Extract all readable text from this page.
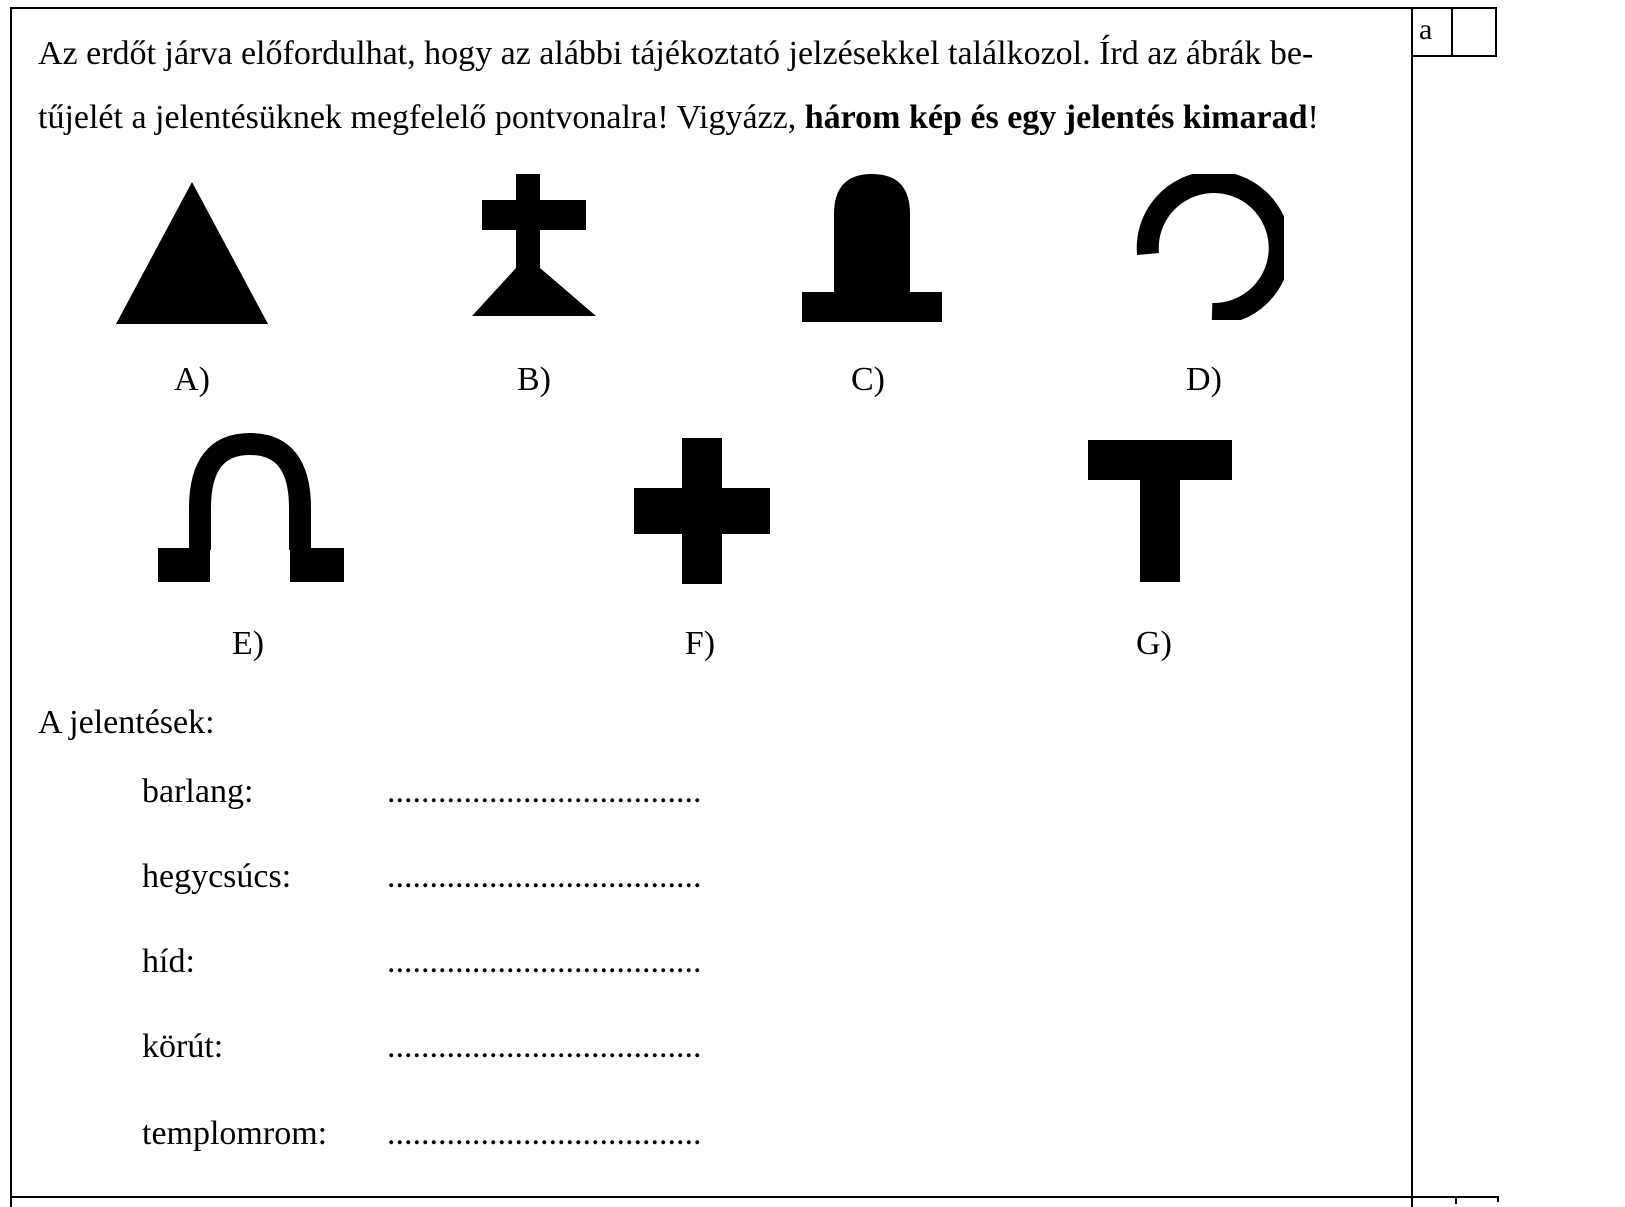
a

Az erdőt járva előfordulhat, hogy az alábbi tájékoztató jelzésekkel találkozol. Írd az ábrák be-
tűjelét a jelentésüknek megfelelő pontvonalra! Vigyázz, három kép és egy jelentés kimarad!

A)	B)	C)	D)
E)	F)	G)
A jelentések:
barlang:	.....................................
hegycsúcs:	.....................................
híd:	.....................................
körút:	.....................................
templomrom:	.....................................
